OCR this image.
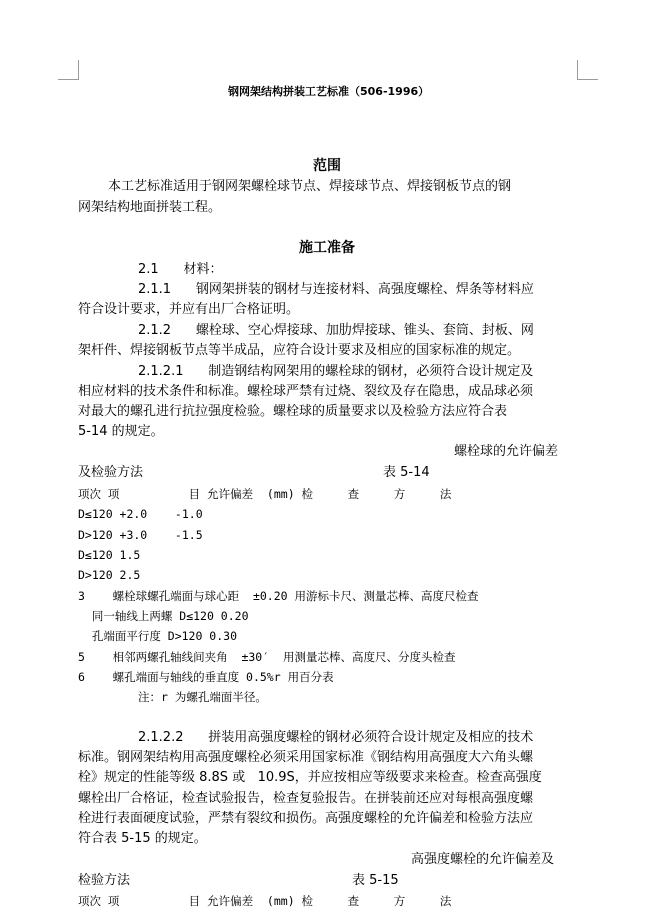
钢网架结构拼装工艺标准（506-1996）
范围
本工艺标准适用于钢网架螺栓球节点、焊接球节点、焊接钢板节点的钢
网架结构地面拼装工程。
施工准备
2.1      材料：
2.1.1      钢网架拼装的钢材与连接材料、高强度螺栓、焊条等材料应
符合设计要求，并应有出厂合格证明。
2.1.2      螺栓球、空心焊接球、加肋焊接球、锥头、套筒、封板、网
架杆件、焊接钢板节点等半成品，应符合设计要求及相应的国家标准的规定。
2.1.2.1      制造钢结构网架用的螺栓球的钢材，必须符合设计规定及
相应材料的技术条件和标准。螺栓球严禁有过烧、裂纹及存在隐患，成品球必须
对最大的螺孔进行抗拉强度检验。螺栓球的质量要求以及检验方法应符合表
5-14 的规定。
螺栓球的允许偏差
及检验方法	表 5-14
项次 项          目 允许偏差  (mm) 检     查     方     法
D≤120 +2.0    -1.0
D>120 +3.0    -1.5
D≤120 1.5
D>120 2.5
3    螺栓球螺孔端面与球心距  ±0.20 用游标卡尺、测量芯棒、高度尺检查
同一轴线上两螺 D≤120 0.20
孔端面平行度 D>120 0.30
5    相邻两螺孔轴线间夹角  ±30′  用测量芯棒、高度尺、分度头检查
6    螺孔端面与轴线的垂直度 0.5%r 用百分表
注：r 为螺孔端面半径。
2.1.2.2      拼装用高强度螺栓的钢材必须符合设计规定及相应的技术
标准。钢网架结构用高强度螺栓必须采用国家标准《钢结构用高强度大六角头螺
栓》规定的性能等级 8.8S 或   10.9S，并应按相应等级要求来检查。检查高强度
螺栓出厂合格证，检查试验报告，检查复验报告。在拼装前还应对每根高强度螺
栓进行表面硬度试验，严禁有裂纹和损伤。高强度螺栓的允许偏差和检验方法应
符合表 5-15 的规定。
高强度螺栓的允许偏差及
检验方法	表 5-15
项次 项          目 允许偏差  (mm) 检     查     方     法
